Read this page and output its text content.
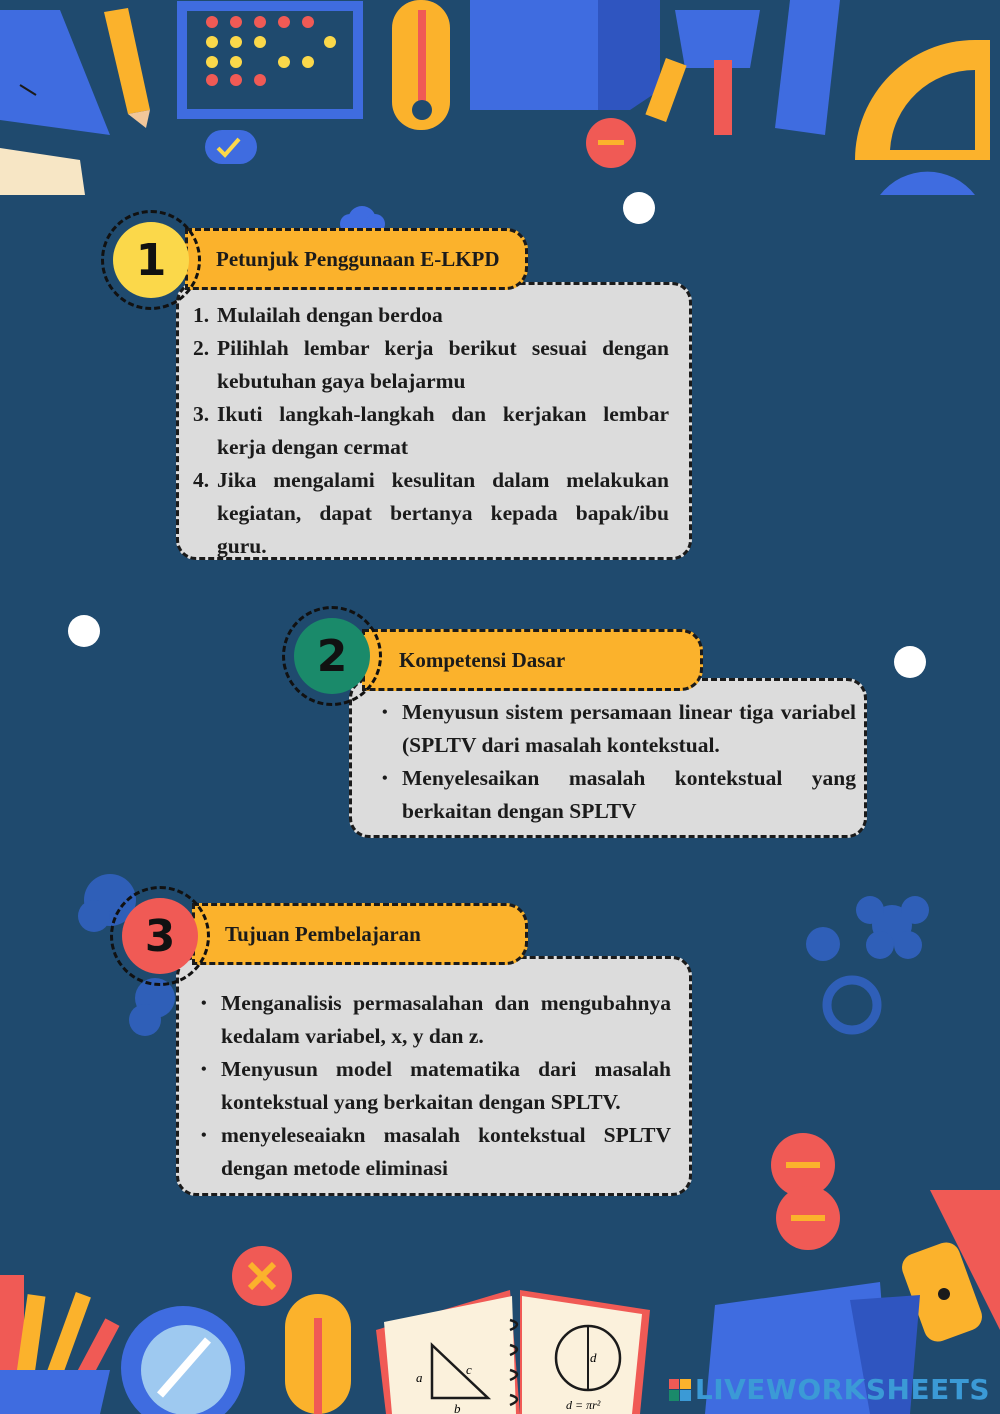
a
b
c
d
d = πr²
1	Petunjuk Penggunaan E-LKPD
1. Mulailah dengan berdoa
2. Pilihlah lembar kerja berikut sesuai dengan kebutuhan gaya belajarmu
3. Ikuti langkah-langkah dan kerjakan lembar kerja dengan cermat
4. Jika mengalami kesulitan dalam melakukan kegiatan, dapat bertanya kepada bapak/ibu guru.
2	Kompetensi Dasar
• Menyusun sistem persamaan linear tiga variabel (SPLTV dari masalah kontekstual.
• Menyelesaikan masalah kontekstual yang berkaitan dengan SPLTV
3	Tujuan Pembelajaran
• Menganalisis permasalahan dan mengubahnya kedalam variabel, x, y dan z.
• Menyusun model matematika dari masalah kontekstual yang berkaitan dengan SPLTV.
• menyeleseaiakn masalah kontekstual SPLTV dengan metode eliminasi
LIVEWORKSHEETS
